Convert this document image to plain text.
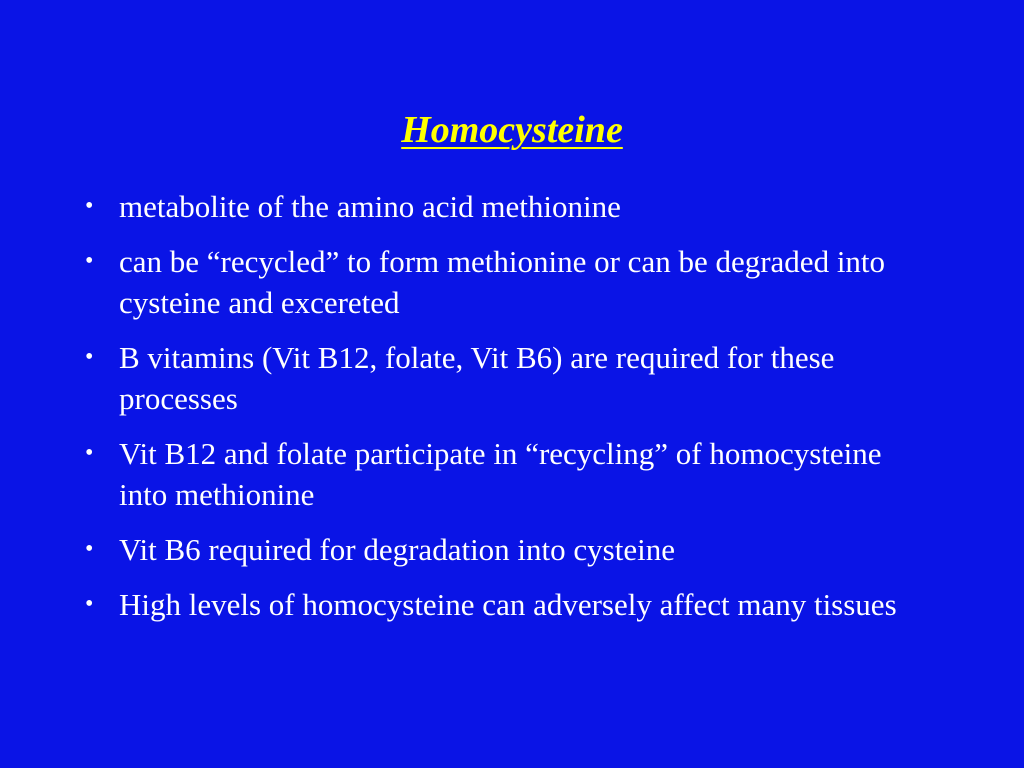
Homocysteine
• metabolite of the amino acid methionine
• can be “recycled” to form methionine or can be degraded into cysteine and excereted
• B vitamins (Vit B12, folate, Vit B6) are required for these processes
• Vit B12 and folate participate in “recycling” of homocysteine into methionine
• Vit B6 required for degradation into cysteine
• High levels of homocysteine can adversely affect many tissues
